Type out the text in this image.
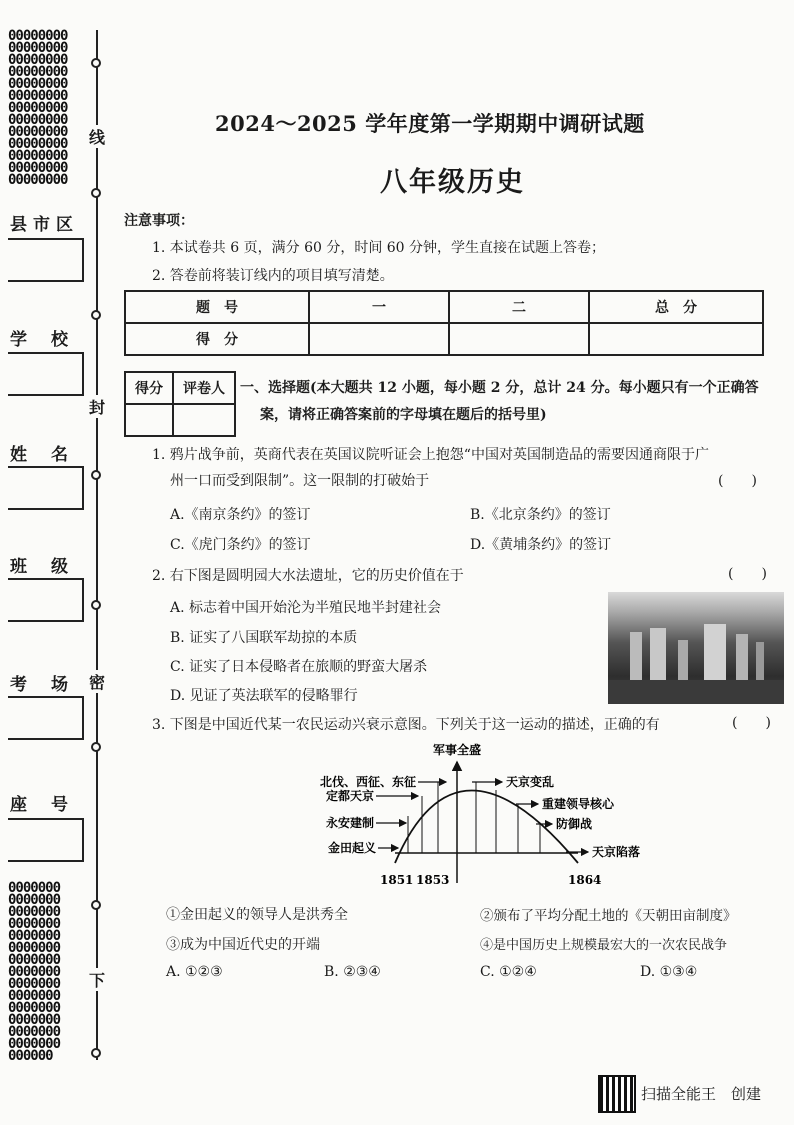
00000000
00000000
00000000
00000000
00000000
00000000
00000000
00000000
00000000
00000000
00000000
00000000
00000000
0000000
0000000
0000000
0000000
0000000
0000000
0000000
0000000
0000000
0000000
0000000
0000000
0000000
0000000
000000
线
封
密
下
县市区
学校
姓名
班级
考场
座号
2024～2025 学年度第一学期期中调研试题
八年级历史
注意事项：
1. 本试卷共 6 页，满分 60 分，时间 60 分钟，学生直接在试题上答卷；
2. 答卷前将装订线内的项目填写清楚。
题　号	一	二	总　分
得　分			
得分	评卷人
	一、选择题(本大题共 12 小题，每小题 2 分，总计 24 分。每小题只有一个正确答
案，请将正确答案前的字母填在题后的括号里)
1. 鸦片战争前，英商代表在英国议院听证会上抱怨“中国对英国制造品的需要因通商限于广
州一口而受到限制”。这一限制的打破始于	(　　)
A.《南京条约》的签订	B.《北京条约》的签订
C.《虎门条约》的签订	D.《黄埔条约》的签订
2. 右下图是圆明园大水法遗址，它的历史价值在于	(　　)
A. 标志着中国开始沦为半殖民地半封建社会
B. 证实了八国联军劫掠的本质
C. 证实了日本侵略者在旅顺的野蛮大屠杀
D. 见证了英法联军的侵略罪行
3. 下图是中国近代某一农民运动兴衰示意图。下列关于这一运动的描述，正确的有	(　　)
军事全盛
北伐、西征、东征
定都天京
永安建制
金田起义
天京变乱
重建领导核心
防御战
天京陷落
1851 1853	1864
①金田起义的领导人是洪秀全	②颁布了平均分配土地的《天朝田亩制度》
③成为中国近代史的开端	④是中国历史上规模最宏大的一次农民战争
A. ①②③	B. ②③④	C. ①②④	D. ①③④
扫描全能王　创建
